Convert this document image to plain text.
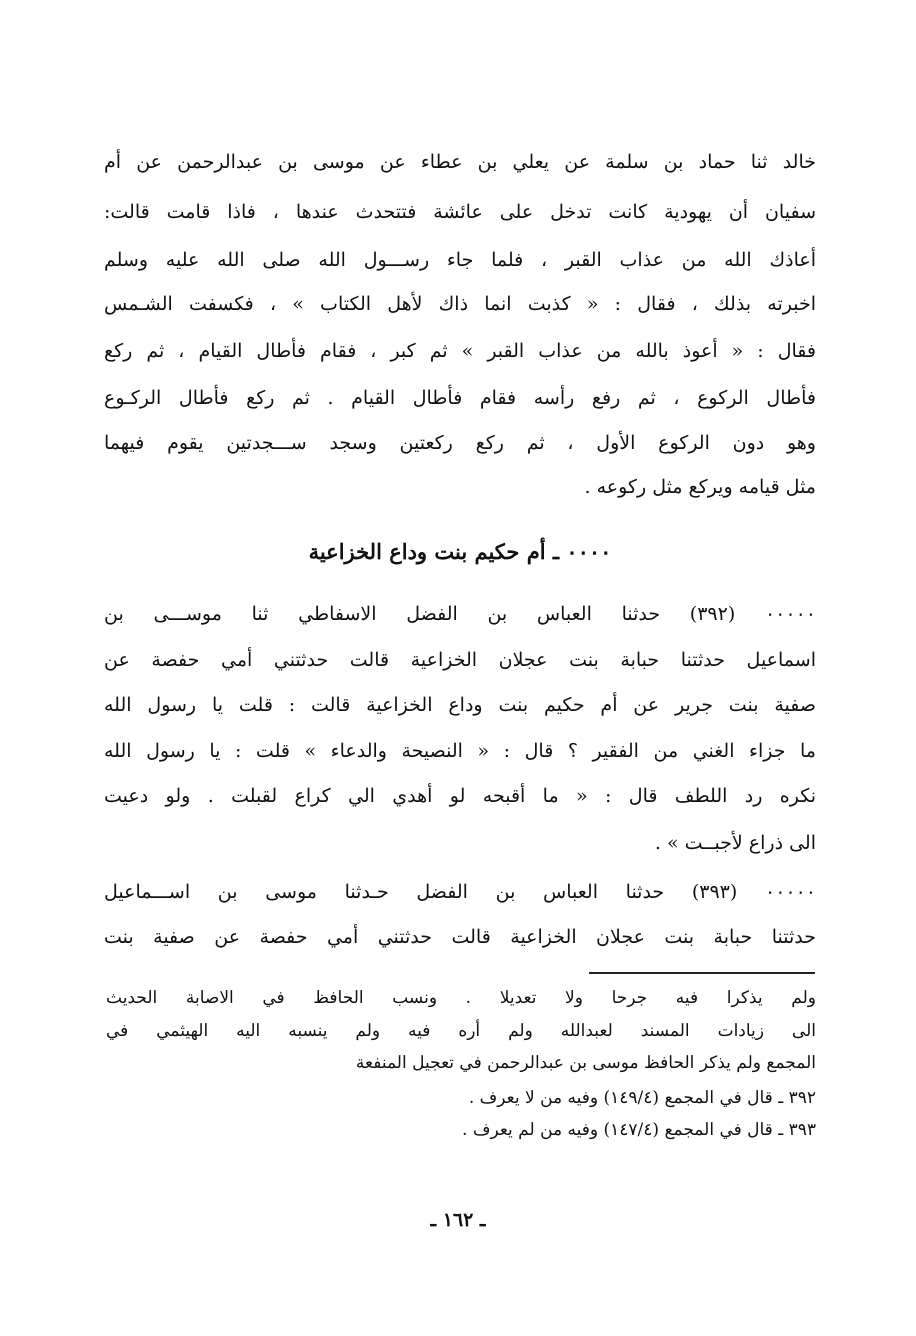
خالد ثنا حماد بن سلمة عن يعلي بن عطاء عن موسى بن عبدالرحمن عن أم
سفيان أن يهودية كانت تدخل على عائشة فتتحدث عندها ، فاذا قامت قالت:
أعاذك الله من عذاب القبر ، فلما جاء رســـول الله صلى الله عليه وسلم
اخبرته بذلك ، فقال : « كذبت انما ذاك لأهل الكتاب » ، فكسفت الشـمس
فقال : « أعوذ بالله من عذاب القبر » ثم كبر ، فقام فأطال القيام ، ثم ركع
فأطال الركوع ، ثم رفع رأسه فقام فأطال القيام . ثم ركع فأطال الركـوع
وهو دون الركوع الأول ، ثم ركع ركعتين وسجد ســـجدتين يقوم فيهما
مثل قيامه ويركع مثل ركوعه .
٠٠٠٠ ـ أم حكيم بنت وداع الخزاعية
٠٠٠٠٠ (٣٩٢) حدثنا العباس بن الفضل الاسفاطي ثنا موســـى بن
اسماعيل حدثتنا حبابة بنت عجلان الخزاعية قالت حدثتني أمي حفصة عن
صفية بنت جرير عن أم حكيم بنت وداع الخزاعية قالت : قلت يا رسول الله
ما جزاء الغني من الفقير ؟ قال : « النصيحة والدعاء » قلت : يا رسول الله
نكره رد اللطف قال : « ما أقبحه لو أهدي الي كراع لقبلت . ولو دعيت
الى ذراع لأجبــت » .
٠٠٠٠٠ (٣٩٣) حدثنا العباس بن الفضل حـدثنا موسى بن اســـماعيل
حدثتنا حبابة بنت عجلان الخزاعية قالت حدثتني أمي حفصة عن صفية بنت
ولم يذكرا فيه جرحا ولا تعديلا . ونسب الحافظ في الاصابة الحديث
الى زيادات المسند لعبدالله ولم أره فيه ولم ينسبه اليه الهيثمي في
المجمع ولم يذكر الحافظ موسى بن عبدالرحمن في تعجيل المنفعة
٣٩٢ ـ قال في المجمع (١٤٩/٤) وفيه من لا يعرف .
٣٩٣ ـ قال في المجمع (١٤٧/٤) وفيه من لم يعرف .
ـ ١٦٢ ـ
